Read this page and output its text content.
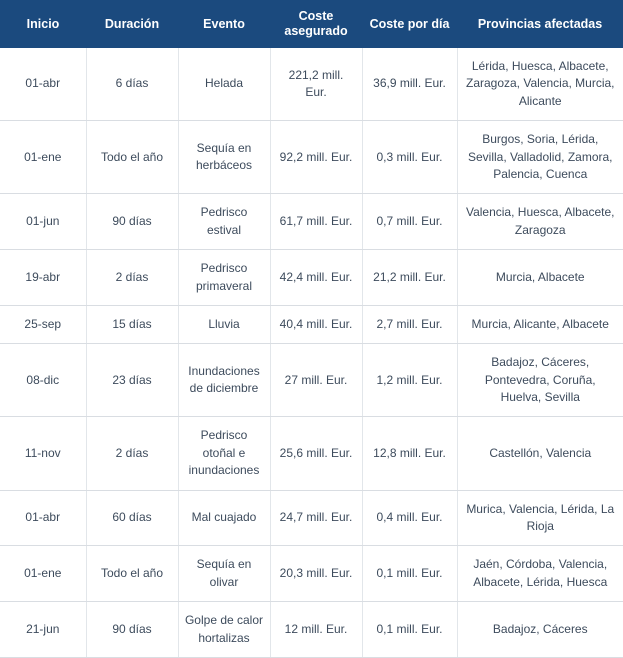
Inicio	Duración	Evento	Coste asegurado	Coste por día	Provincias afectadas
01-abr	6 días	Helada	221,2 mill. Eur.	36,9 mill. Eur.	Lérida, Huesca, Albacete, Zaragoza, Valencia, Murcia, Alicante
01-ene	Todo el año	Sequía en herbáceos	92,2 mill. Eur.	0,3 mill. Eur.	Burgos, Soria, Lérida, Sevilla, Valladolid, Zamora, Palencia, Cuenca
01-jun	90 días	Pedrisco estival	61,7 mill. Eur.	0,7 mill. Eur.	Valencia, Huesca, Albacete, Zaragoza
19-abr	2 días	Pedrisco primaveral	42,4 mill. Eur.	21,2 mill. Eur.	Murcia, Albacete
25-sep	15 días	Lluvia	40,4 mill. Eur.	2,7 mill. Eur.	Murcia, Alicante, Albacete
08-dic	23 días	Inundaciones de diciembre	27 mill. Eur.	1,2 mill. Eur.	Badajoz, Cáceres, Pontevedra, Coruña, Huelva, Sevilla
11-nov	2 días	Pedrisco otoñal e inundaciones	25,6 mill. Eur.	12,8 mill. Eur.	Castellón, Valencia
01-abr	60 días	Mal cuajado	24,7 mill. Eur.	0,4 mill. Eur.	Murica, Valencia, Lérida, La Rioja
01-ene	Todo el año	Sequía en olivar	20,3 mill. Eur.	0,1 mill. Eur.	Jaén, Córdoba, Valencia, Albacete, Lérida, Huesca
21-jun	90 días	Golpe de calor hortalizas	12 mill. Eur.	0,1 mill. Eur.	Badajoz, Cáceres
